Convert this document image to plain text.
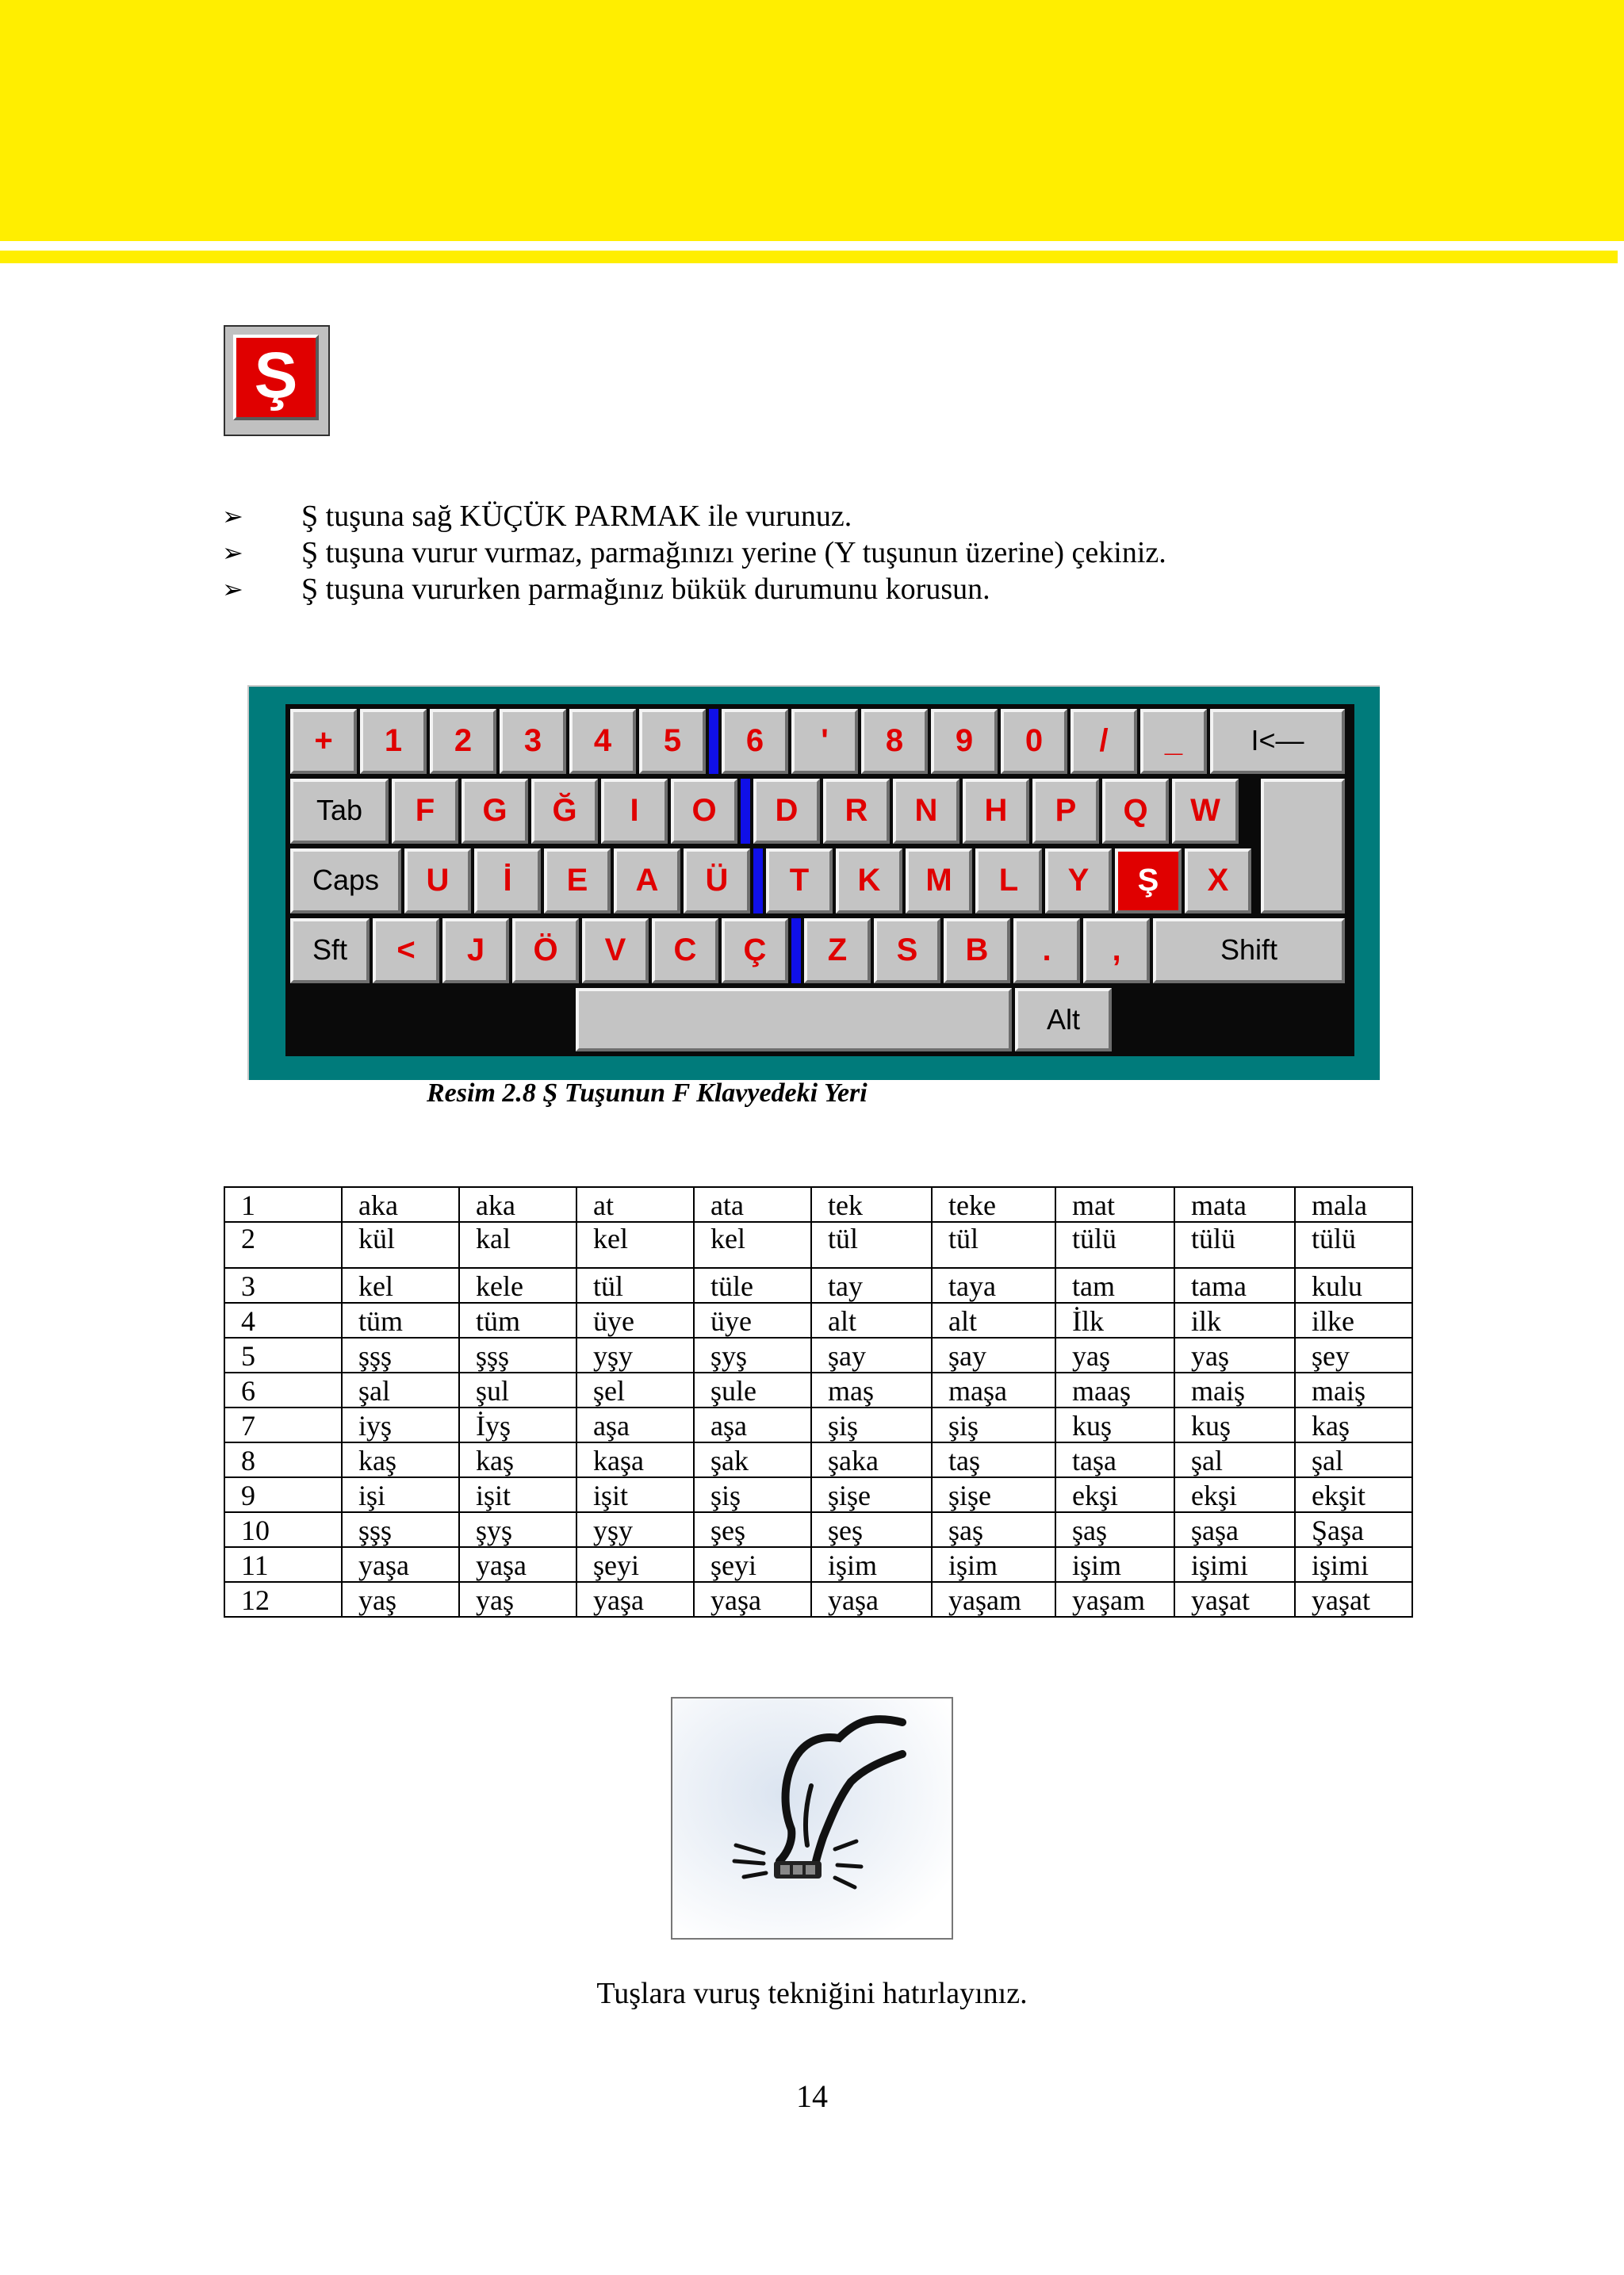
Ş
➢ Ş tuşuna sağ KÜÇÜK PARMAK ile vurunuz.
➢ Ş tuşuna vurur vurmaz, parmağınızı yerine (Y tuşunun üzerine) çekiniz.
➢ Ş tuşuna vururken parmağınız bükük durumunu korusun.
+	1	2	3	4	5	6	'	8	9	0	/	_	I<—
Tab	F	G	Ğ	I	O	D	R	N	H	P	Q	W
Caps	U	İ	E	A	Ü	T	K	M	L	Y	Ş	X
Sft	<	J	Ö	V	C	Ç	Z	S	B	.	,	Shift
Alt
Resim 2.8 Ş Tuşunun F Klavyedeki Yeri
1	aka	aka	at	ata	tek	teke	mat	mata	mala
2	kül	kal	kel	kel	tül	tül	tülü	tülü	tülü
3	kel	kele	tül	tüle	tay	taya	tam	tama	kulu
4	tüm	tüm	üye	üye	alt	alt	İlk	ilk	ilke
5	şşş	şşş	yşy	şyş	şay	şay	yaş	yaş	şey
6	şal	şul	şel	şule	maş	maşa	maaş	maiş	maiş
7	iyş	İyş	aşa	aşa	şiş	şiş	kuş	kuş	kaş
8	kaş	kaş	kaşa	şak	şaka	taş	taşa	şal	şal
9	işi	işit	işit	şiş	şişe	şişe	ekşi	ekşi	ekşit
10	şşş	şyş	yşy	şeş	şeş	şaş	şaş	şaşa	Şaşa
11	yaşa	yaşa	şeyi	şeyi	işim	işim	işim	işimi	işimi
12	yaş	yaş	yaşa	yaşa	yaşa	yaşam	yaşam	yaşat	yaşat
Tuşlara vuruş tekniğini hatırlayınız.
14
